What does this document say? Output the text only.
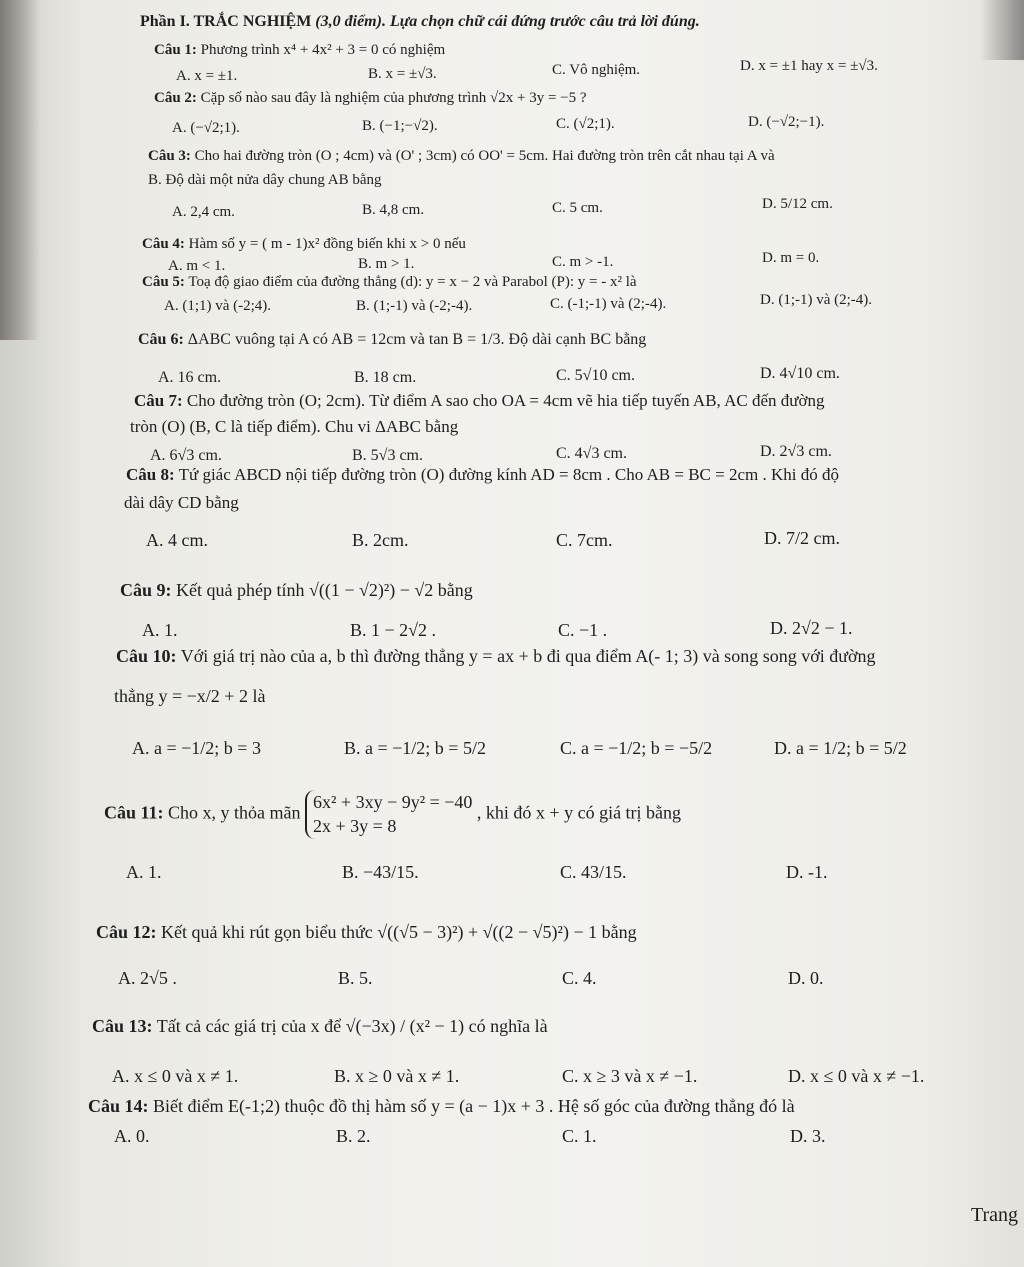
Phần I. TRẮC NGHIỆM (3,0 điểm). Lựa chọn chữ cái đứng trước câu trả lời đúng.
Câu 1: Phương trình x⁴ + 4x² + 3 = 0 có nghiệm
A. x = ±1.	B. x = ±√3.	C. Vô nghiệm.	D. x = ±1 hay x = ±√3.
Câu 2: Cặp số nào sau đây là nghiệm của phương trình √2x + 3y = −5 ?
A. (−√2;1).	B. (−1;−√2).	C. (√2;1).	D. (−√2;−1).
Câu 3: Cho hai đường tròn (O ; 4cm) và (O' ; 3cm) có OO' = 5cm. Hai đường tròn trên cắt nhau tại A và
B. Độ dài một nửa dây chung AB bằng
A. 2,4 cm.	B. 4,8 cm.	C. 5 cm.	D. 5/12 cm.
Câu 4: Hàm số y = ( m - 1)x² đồng biến khi x > 0 nếu
A. m < 1.	B. m > 1.	C. m > -1.	D. m = 0.
Câu 5: Toạ độ giao điểm của đường thẳng (d): y = x − 2 và Parabol (P): y = - x² là
A. (1;1) và (-2;4).	B. (1;-1) và (-2;-4).	C. (-1;-1) và (2;-4).	D. (1;-1) và (2;-4).
Câu 6: ΔABC vuông tại A có AB = 12cm và tan B = 1/3. Độ dài cạnh BC bằng
A. 16 cm.	B. 18 cm.	C. 5√10 cm.	D. 4√10 cm.
Câu 7: Cho đường tròn (O; 2cm). Từ điểm A sao cho OA = 4cm vẽ hia tiếp tuyến AB, AC đến đường
tròn (O) (B, C là tiếp điểm). Chu vi ΔABC bằng
A. 6√3 cm.	B. 5√3 cm.	C. 4√3 cm.	D. 2√3 cm.
Câu 8: Tứ giác ABCD nội tiếp đường tròn (O) đường kính AD = 8cm . Cho AB = BC = 2cm . Khi đó độ
dài dây CD bằng
A. 4 cm.	B. 2cm.	C. 7cm.	D. 7/2 cm.
Câu 9: Kết quả phép tính √((1 − √2)²) − √2 bằng
A. 1.	B. 1 − 2√2 .	C. −1 .	D. 2√2 − 1.
Câu 10: Với giá trị nào của a, b thì đường thẳng y = ax + b đi qua điểm A(- 1; 3) và song song với đường
thẳng y = −x/2 + 2 là
A. a = −1/2; b = 3	B. a = −1/2; b = 5/2	C. a = −1/2; b = −5/2	D. a = 1/2; b = 5/2
Câu 11: Cho x, y thỏa mãn
6x² + 3xy − 9y² = −40
2x + 3y = 8
, khi đó x + y có giá trị bằng
A. 1.	B. −43/15.	C. 43/15.	D. -1.
Câu 12: Kết quả khi rút gọn biểu thức √((√5 − 3)²) + √((2 − √5)²) − 1 bằng
A. 2√5 .	B. 5.	C. 4.	D. 0.
Câu 13: Tất cả các giá trị của x để √(−3x) / (x² − 1) có nghĩa là
A. x ≤ 0 và x ≠ 1.	B. x ≥ 0 và x ≠ 1.	C. x ≥ 3 và x ≠ −1.	D. x ≤ 0 và x ≠ −1.
Câu 14: Biết điểm E(-1;2) thuộc đồ thị hàm số y = (a − 1)x + 3 . Hệ số góc của đường thẳng đó là
A. 0.	B. 2.	C. 1.	D. 3.
Trang
